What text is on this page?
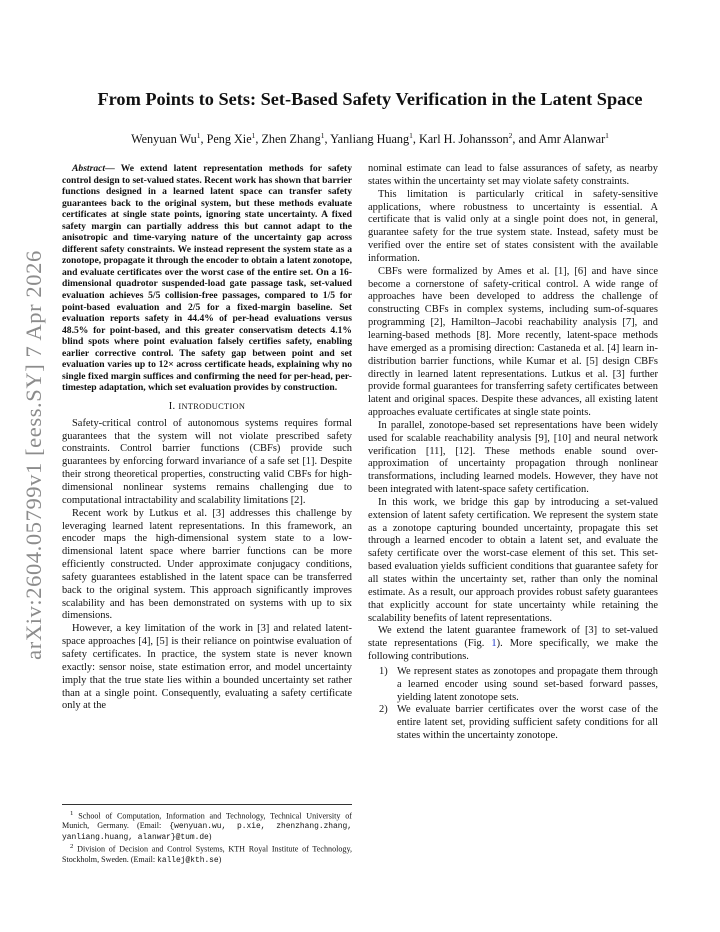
arXiv:2604.05799v1 [eess.SY] 7 Apr 2026
From Points to Sets: Set-Based Safety Verification in the Latent Space
Wenyuan Wu$^1$, Peng Xie$^1$, Zhen Zhang$^1$, Yanliang Huang$^1$, Karl H. Johansson$^2$, and Amr Alanwar$^1$

Abstract— We extend latent representation methods for safety control design to set-valued states. Recent work has shown that barrier functions designed in a learned latent space can transfer safety guarantees back to the original system, but these methods evaluate certificates at single state points, ignoring state uncertainty. A fixed safety margin can partially address this but cannot adapt to the anisotropic and time-varying nature of the uncertainty gap across different safety constraints. We instead represent the system state as a zonotope, propagate it through the encoder to obtain a latent zonotope, and evaluate certificates over the worst case of the entire set. On a 16-dimensional quadrotor suspended-load gate passage task, set-valued evaluation achieves 5/5 collision-free passages, compared to 1/5 for point-based evaluation and 2/5 for a fixed-margin baseline. Set evaluation reports safety in 44.4% of per-head evaluations versus 48.5% for point-based, and this greater conservatism detects 4.1% blind spots where point evaluation falsely certifies safety, enabling earlier corrective control. The safety gap between point and set evaluation varies up to 12× across certificate heads, explaining why no single fixed margin suffices and confirming the need for per-head, per-timestep adaptation, which set evaluation provides by construction.

I. INTRODUCTION

Safety-critical control of autonomous systems requires formal guarantees that the system will not violate prescribed safety constraints. Control barrier functions (CBFs) provide such guarantees by enforcing forward invariance of a safe set [1]. Despite their strong theoretical properties, constructing valid CBFs for high-dimensional nonlinear systems remains challenging due to computational intractability and scalability limitations [2].

Recent work by Lutkus et al. [3] addresses this challenge by leveraging learned latent representations. In this framework, an encoder maps the high-dimensional system state to a low-dimensional latent space where barrier functions can be more efficiently constructed. Under approximate conjugacy conditions, safety guarantees established in the latent space can be transferred back to the original system. This approach significantly improves scalability and has been demonstrated on systems with up to six dimensions.

However, a key limitation of the work in [3] and related latent-space approaches [4], [5] is their reliance on pointwise evaluation of safety certificates. In practice, the system state is never known exactly: sensor noise, state estimation error, and model uncertainty imply that the true state lies within a bounded uncertainty set rather than at a single point. Consequently, evaluating a safety certificate only at the

nominal estimate can lead to false assurances of safety, as nearby states within the uncertainty set may violate safety constraints.

This limitation is particularly critical in safety-sensitive applications, where robustness to uncertainty is essential. A certificate that is valid only at a single point does not, in general, guarantee safety for the true system state. Instead, safety must be verified over the entire set of states consistent with the available information.

CBFs were formalized by Ames et al. [1], [6] and have since become a cornerstone of safety-critical control. A wide range of approaches have been developed to address the challenge of constructing CBFs in complex systems, including sum-of-squares programming [2], Hamilton–Jacobi reachability analysis [7], and learning-based methods [8]. More recently, latent-space methods have emerged as a promising direction: Castaneda et al. [4] learn in-distribution barrier functions, while Kumar et al. [5] design CBFs directly in learned latent representations. Lutkus et al. [3] further provide formal guarantees for transferring safety certificates between latent and original spaces. Despite these advances, all existing latent approaches evaluate certificates at single state points.

In parallel, zonotope-based set representations have been widely used for scalable reachability analysis [9], [10] and neural network verification [11], [12]. These methods enable sound over-approximation of uncertainty propagation through nonlinear transformations, including learned models. However, they have not been integrated with latent-space safety certification.

In this work, we bridge this gap by introducing a set-valued extension of latent safety certification. We represent the system state as a zonotope capturing bounded uncertainty, propagate this set through a learned encoder to obtain a latent set, and evaluate the safety certificate over the worst-case element of this set. This set-based evaluation yields sufficient conditions that guarantee safety for all states within the uncertainty set, rather than only the nominal estimate. As a result, our approach provides robust safety guarantees that explicitly account for state uncertainty while retaining the scalability benefits of latent representations.

We extend the latent guarantee framework of [3] to set-valued state representations (Fig. 1). More specifically, we make the following contributions.

1) We represent states as zonotopes and propagate them through a learned encoder using sound set-based forward passes, yielding latent zonotope sets.
2) We evaluate barrier certificates over the worst case of the entire latent set, providing sufficient safety conditions for all states within the uncertainty zonotope.

$^1$ School of Computation, Information and Technology, Technical University of Munich, Germany. (Email: {wenyuan.wu, p.xie, zhenzhang.zhang, yanliang.huang, alanwar}@tum.de)

$^2$ Division of Decision and Control Systems, KTH Royal Institute of Technology, Stockholm, Sweden. (Email: kallej@kth.se)
